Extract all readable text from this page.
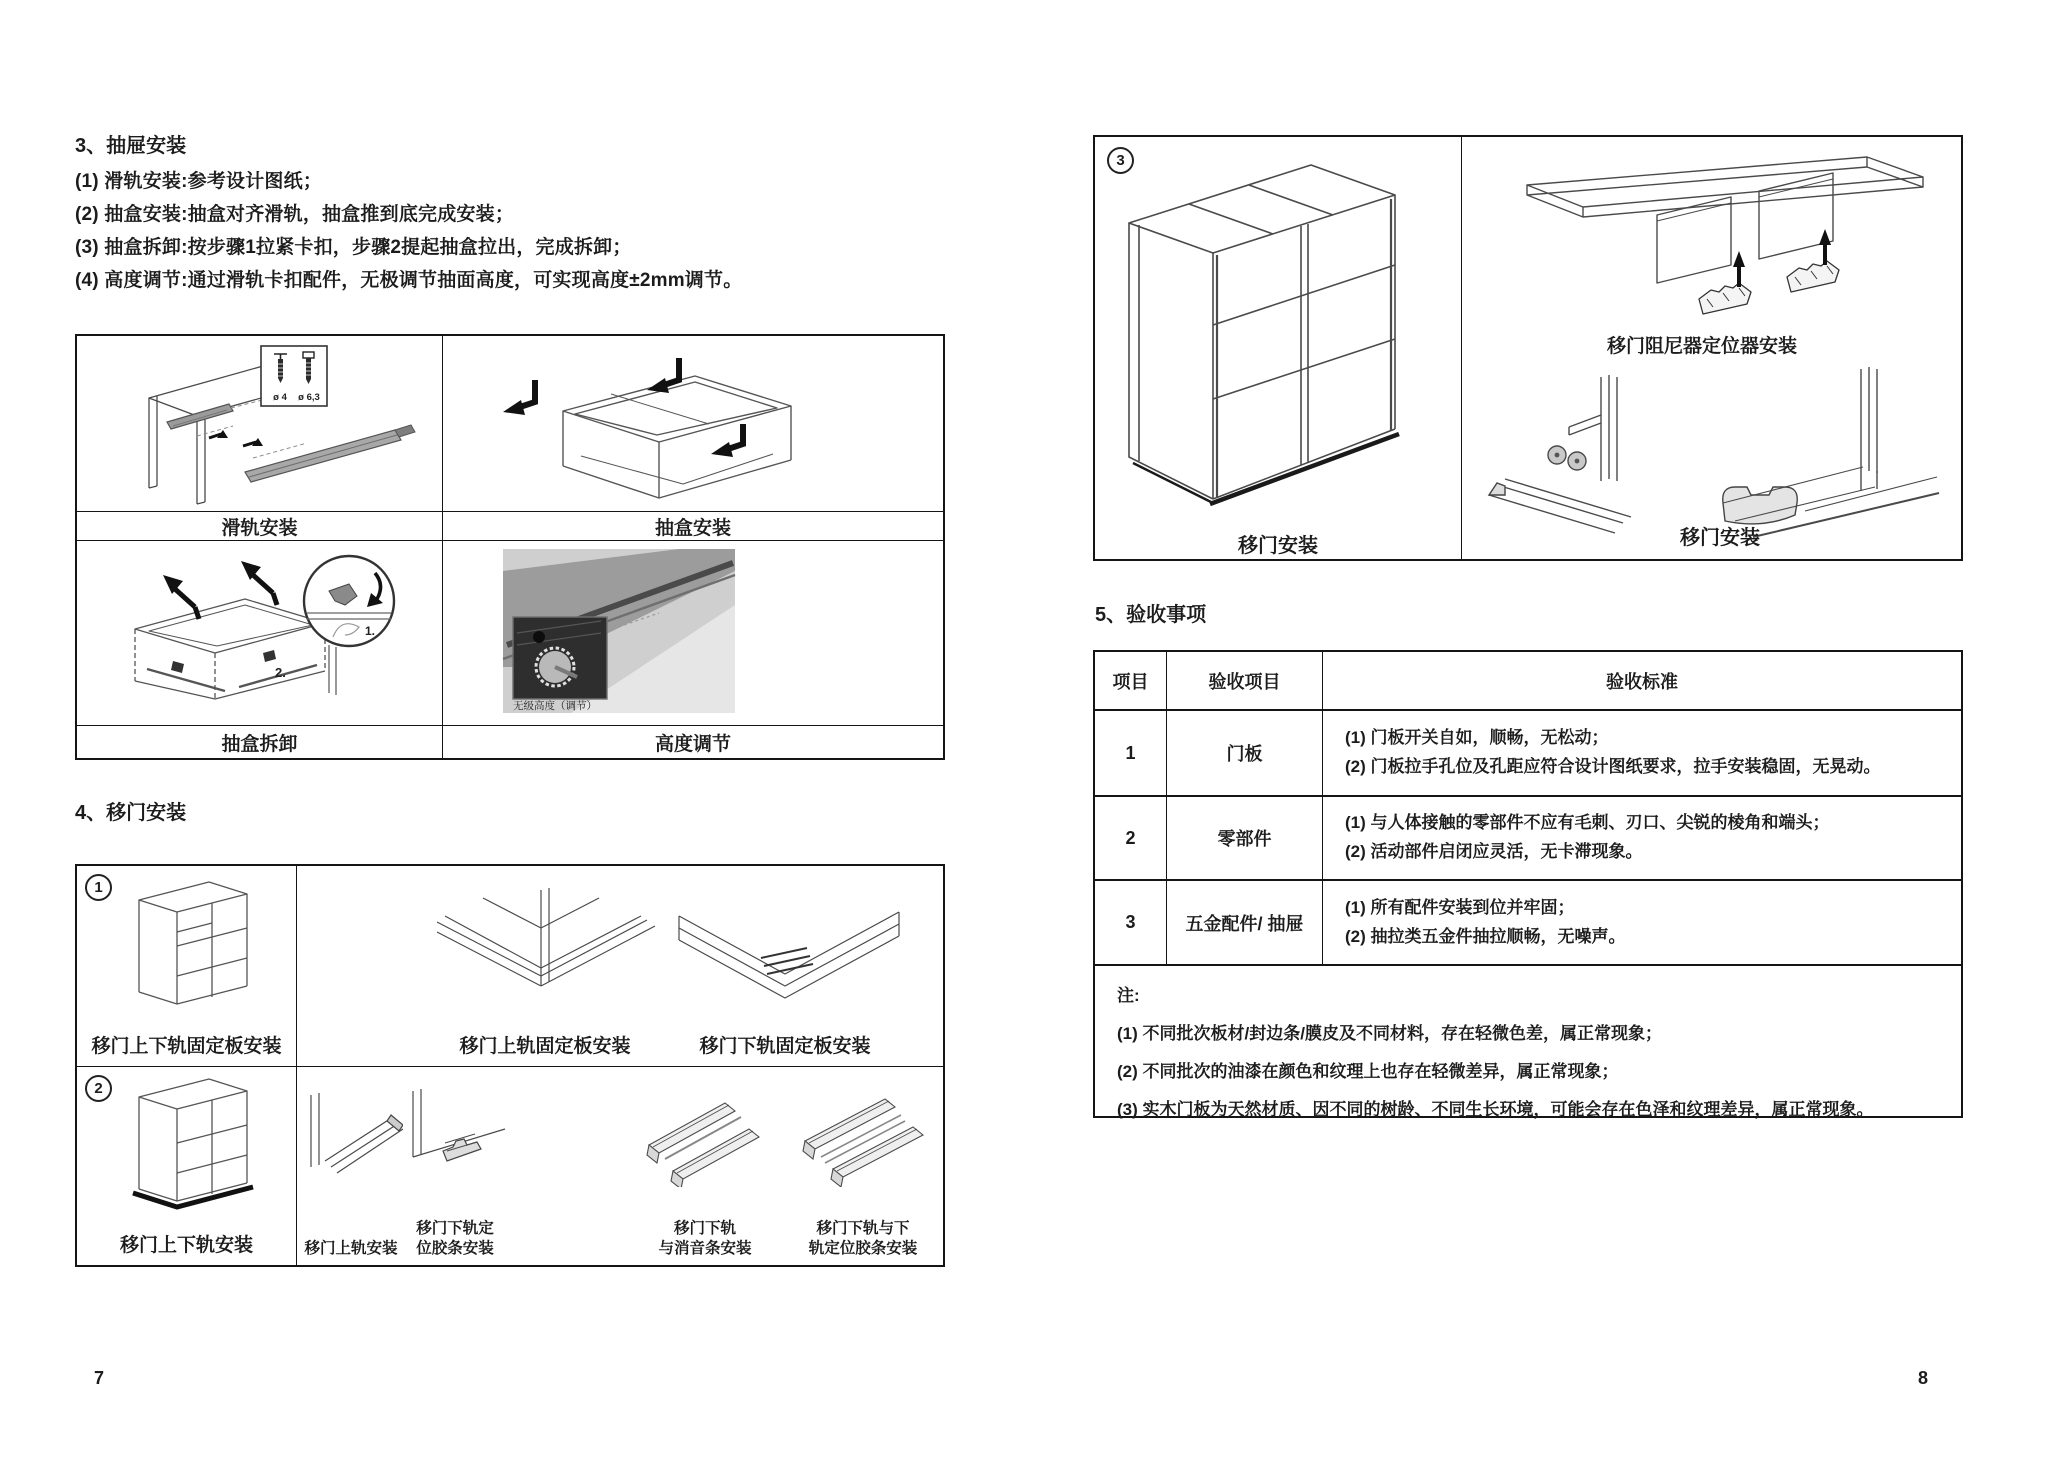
3、抽屉安装
(1) 滑轨安装:参考设计图纸；
(2) 抽盒安装:抽盒对齐滑轨，抽盒推到底完成安装；
(3) 抽盒拆卸:按步骤1拉紧卡扣，步骤2提起抽盒拉出，完成拆卸；
(4) 高度调节:通过滑轨卡扣配件，无极调节抽面高度，可实现高度±2mm调节。
ø 4 ø 6,3
滑轨安装	抽盒安装
2.
1.
无级高度（调节）
抽盒拆卸	高度调节
4、移门安装
1
移门上下轨固定板安装	移门上轨固定板安装	移门下轨固定板安装
2
移门上下轨安装	移门上轨安装
移门下轨定
位胶条安装
移门下轨
与消音条安装
移门下轨与下
轨定位胶条安装
7
3
移门安装
移门阻尼器定位器安装
移门安装
5、验收事项
项目	验收项目	验收标准
1	门板
(1) 门板开关自如，顺畅，无松动；
(2) 门板拉手孔位及孔距应符合设计图纸要求，拉手安装稳固，无晃动。
2	零部件
(1) 与人体接触的零部件不应有毛刺、刃口、尖锐的棱角和端头；
(2) 活动部件启闭应灵活，无卡滞现象。
3	五金配件/ 抽屉
(1) 所有配件安装到位并牢固；
(2) 抽拉类五金件抽拉顺畅，无噪声。
注:
(1) 不同批次板材/封边条/膜皮及不同材料，存在轻微色差，属正常现象；
(2) 不同批次的油漆在颜色和纹理上也存在轻微差异，属正常现象；
(3) 实木门板为天然材质、因不同的树龄、不同生长环境，可能会存在色泽和纹理差异，属正常现象。
8
